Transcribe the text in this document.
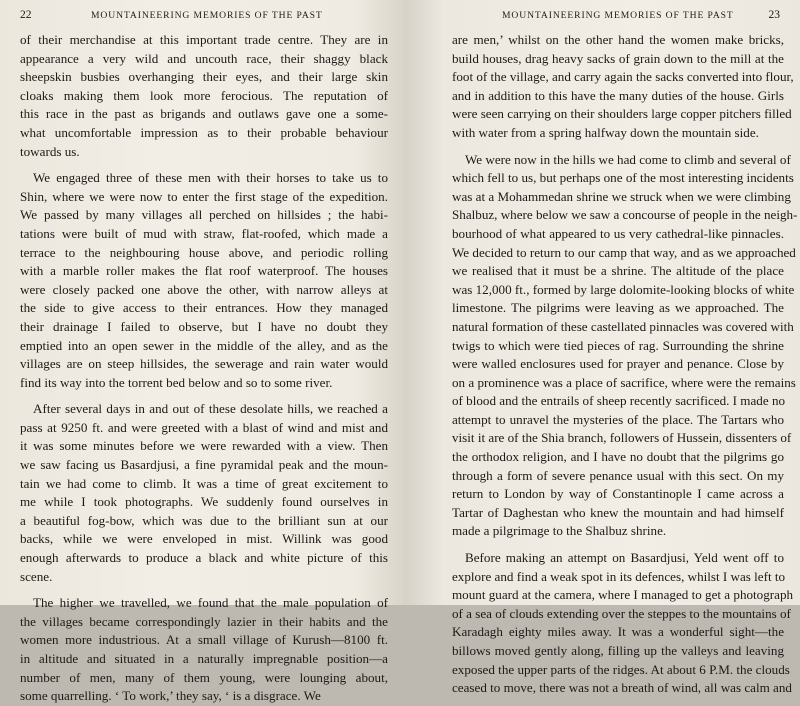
22	MOUNTAINEERING MEMORIES OF THE PAST
of their merchandise at this important trade centre. They are in
appearance a very wild and uncouth race, their shaggy black
sheepskin busbies overhanging their eyes, and their large skin
cloaks making them look more ferocious. The reputation of
this race in the past as brigands and outlaws gave one a some-
what uncomfortable impression as to their probable behaviour
towards us.
We engaged three of these men with their horses to take us to
Shin, where we were now to enter the first stage of the expedition.
We passed by many villages all perched on hillsides ; the habi-
tations were built of mud with straw, flat-roofed, which made a
terrace to the neighbouring house above, and periodic rolling
with a marble roller makes the flat roof waterproof. The houses
were closely packed one above the other, with narrow alleys at
the side to give access to their entrances. How they managed
their drainage I failed to observe, but I have no doubt they
emptied into an open sewer in the middle of the alley, and as the
villages are on steep hillsides, the sewerage and rain water would
find its way into the torrent bed below and so to some river.
After several days in and out of these desolate hills, we reached a
pass at 9250 ft. and were greeted with a blast of wind and mist and
it was some minutes before we were rewarded with a view. Then
we saw facing us Basardjusi, a fine pyramidal peak and the moun-
tain we had come to climb. It was a time of great excitement to
me while I took photographs. We suddenly found ourselves in
a beautiful fog-bow, which was due to the brilliant sun at our
backs, while we were enveloped in mist. Willink was good
enough afterwards to produce a black and white picture of this
scene.
The higher we travelled, we found that the male population of
the villages became correspondingly lazier in their habits and the
women more industrious. At a small village of Kurush—8100 ft.
in altitude and situated in a naturally impregnable position—a
number of men, many of them young, were lounging about,
some quarrelling. ‘ To work,’ they say, ‘ is a disgrace. We
MOUNTAINEERING MEMORIES OF THE PAST	23
are men,’ whilst on the other hand the women make bricks,
build houses, drag heavy sacks of grain down to the mill at the
foot of the village, and carry again the sacks converted into flour,
and in addition to this have the many duties of the house. Girls
were seen carrying on their shoulders large copper pitchers filled
with water from a spring halfway down the mountain side.
We were now in the hills we had come to climb and several of
which fell to us, but perhaps one of the most interesting incidents
was at a Mohammedan shrine we struck when we were climbing
Shalbuz, where below we saw a concourse of people in the neigh-
bourhood of what appeared to us very cathedral-like pinnacles.
We decided to return to our camp that way, and as we approached
we realised that it must be a shrine. The altitude of the place
was 12,000 ft., formed by large dolomite-looking blocks of white
limestone. The pilgrims were leaving as we approached. The
natural formation of these castellated pinnacles was covered with
twigs to which were tied pieces of rag. Surrounding the shrine
were walled enclosures used for prayer and penance. Close by
on a prominence was a place of sacrifice, where were the remains
of blood and the entrails of sheep recently sacrificed. I made no
attempt to unravel the mysteries of the place. The Tartars who
visit it are of the Shia branch, followers of Hussein, dissenters of
the orthodox religion, and I have no doubt that the pilgrims go
through a form of severe penance usual with this sect. On my
return to London by way of Constantinople I came across a
Tartar of Daghestan who knew the mountain and had himself
made a pilgrimage to the Shalbuz shrine.
Before making an attempt on Basardjusi, Yeld went off to
explore and find a weak spot in its defences, whilst I was left to
mount guard at the camera, where I managed to get a photograph
of a sea of clouds extending over the steppes to the mountains of
Karadagh eighty miles away. It was a wonderful sight—the
billows moved gently along, filling up the valleys and leaving
exposed the upper parts of the ridges. At about 6 P.M. the clouds
ceased to move, there was not a breath of wind, all was calm and
